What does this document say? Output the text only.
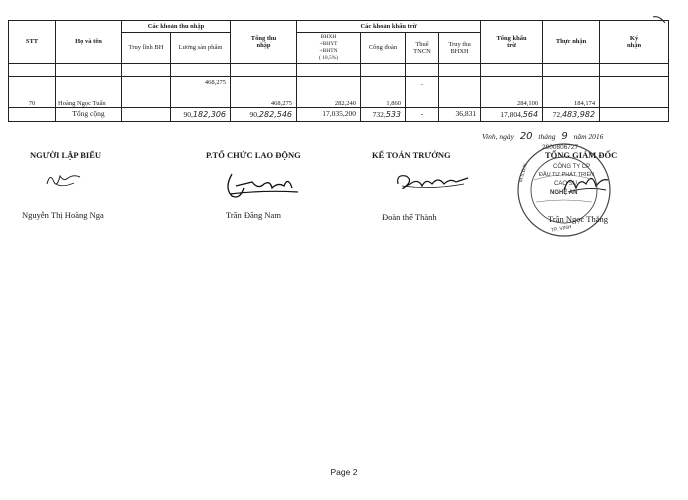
STT	Họ và tên	Các khoản thu nhập		Tổng thu nhập	Các khoản khấu trừ				Tổng khấu trừ	Thực nhận	Ký nhận
		Truy lĩnh BH	Lương sản phẩm		BHXH
+BHYT
+BHTN
( 10,5%)	Công đoàn	Thuế TNCN	Truy thu BHXH			

70	Hoàng Ngọc Tuấn		468,275	468,275	282,240	1,860	-		284,100	184,174	
	Tổng cộng		90,182,306	90,282,546	17,035,200	732,533	-	36,831	17,804,564	72,483,982	
Vinh, ngày 20 tháng 9 năm 2016
NGƯỜI LẬP BIỂU	P.TỔ CHỨC LAO ĐỘNG	KẾ TOÁN TRƯỞNG	TỔNG GIÁM ĐỐC
2900806727
CÔNG TY CP
ĐẦU TƯ PHÁT TRIỂN
CAO SU
NGHỆ AN
M.S.D.N
TP. VINH
Nguyễn Thị Hoàng Nga	Trần Đăng Nam	Đoàn thế Thành	Trần Ngọc Thắng
Page 2
